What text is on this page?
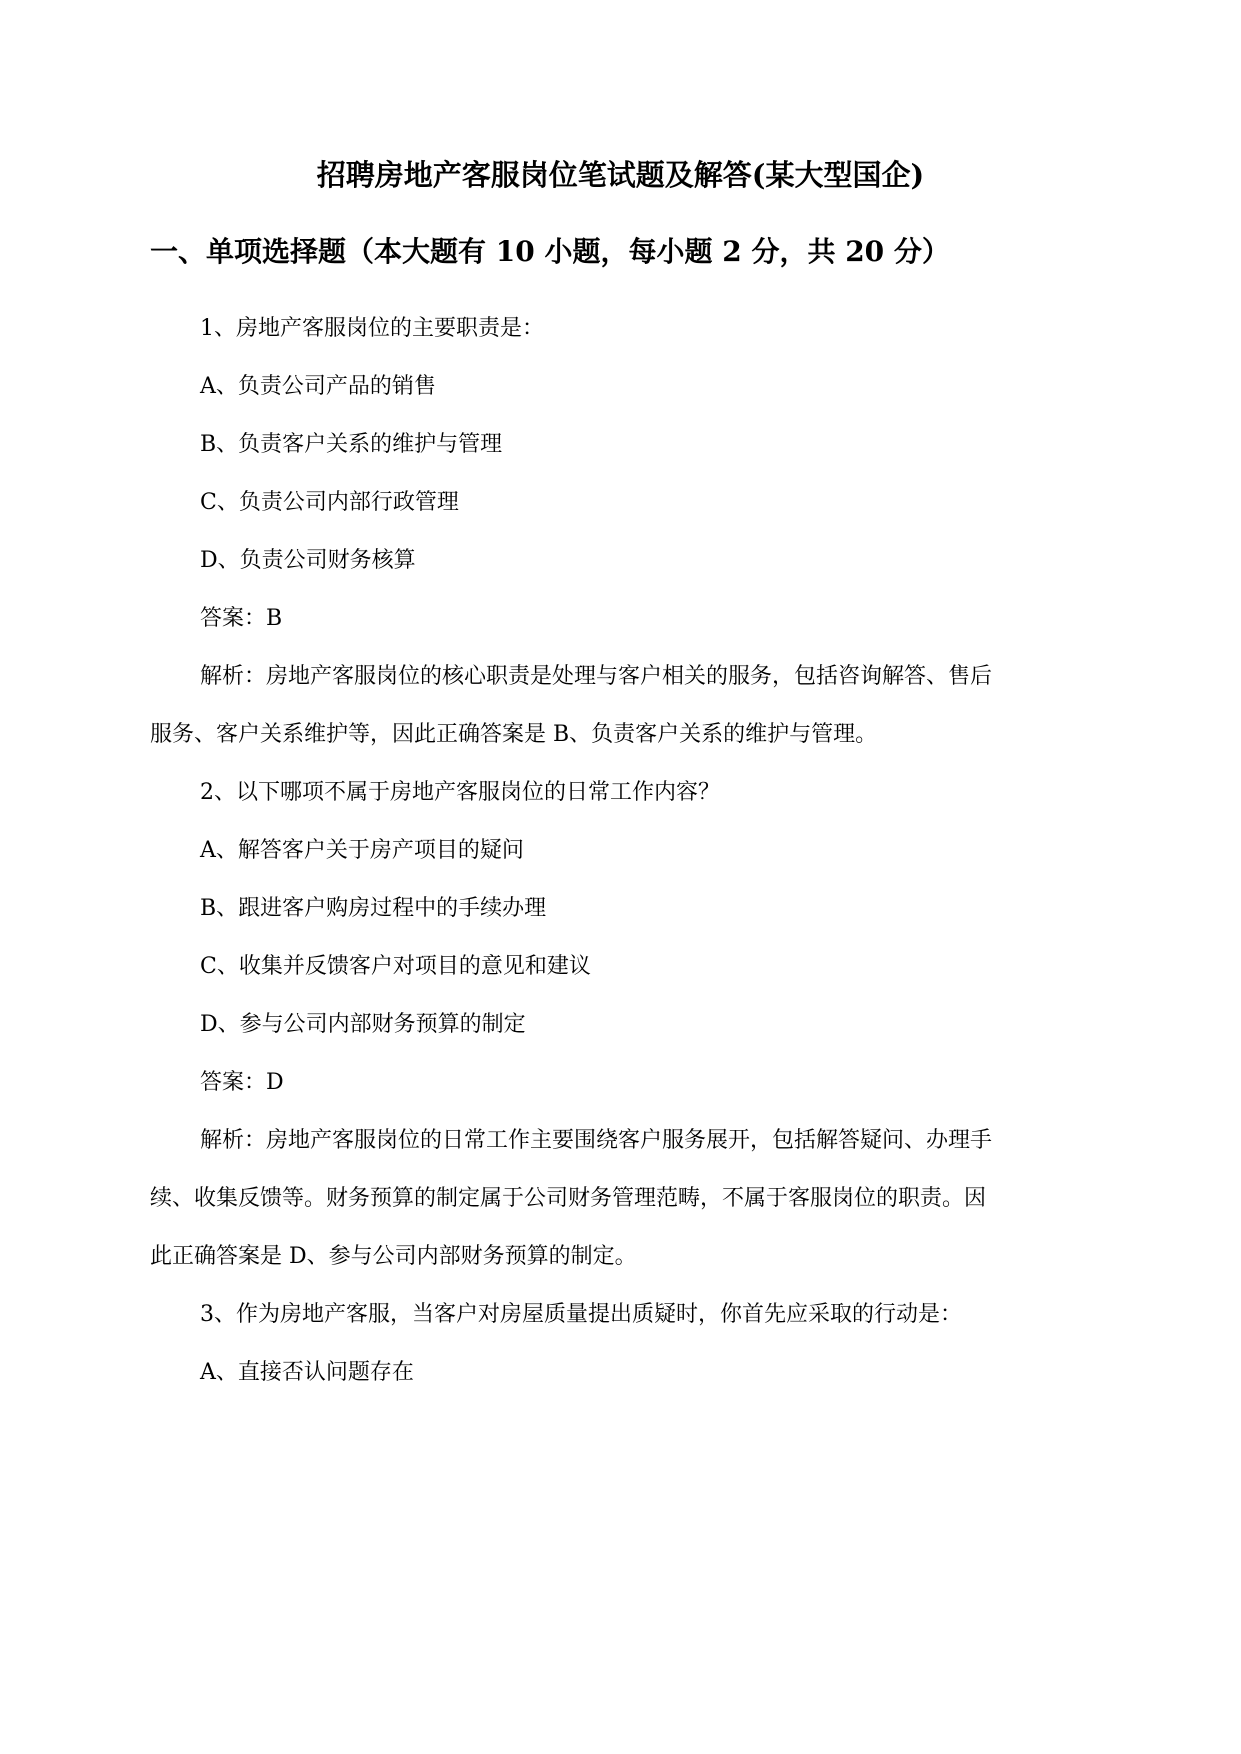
招聘房地产客服岗位笔试题及解答(某大型国企)
一、单项选择题（本大题有 10 小题，每小题 2 分，共 20 分）
1、房地产客服岗位的主要职责是：
A、负责公司产品的销售
B、负责客户关系的维护与管理
C、负责公司内部行政管理
D、负责公司财务核算
答案：B
解析：房地产客服岗位的核心职责是处理与客户相关的服务，包括咨询解答、售后
服务、客户关系维护等，因此正确答案是 B、负责客户关系的维护与管理。
2、以下哪项不属于房地产客服岗位的日常工作内容？
A、解答客户关于房产项目的疑问
B、跟进客户购房过程中的手续办理
C、收集并反馈客户对项目的意见和建议
D、参与公司内部财务预算的制定
答案：D
解析：房地产客服岗位的日常工作主要围绕客户服务展开，包括解答疑问、办理手
续、收集反馈等。财务预算的制定属于公司财务管理范畴，不属于客服岗位的职责。因
此正确答案是 D、参与公司内部财务预算的制定。
3、作为房地产客服，当客户对房屋质量提出质疑时，你首先应采取的行动是：
A、直接否认问题存在
